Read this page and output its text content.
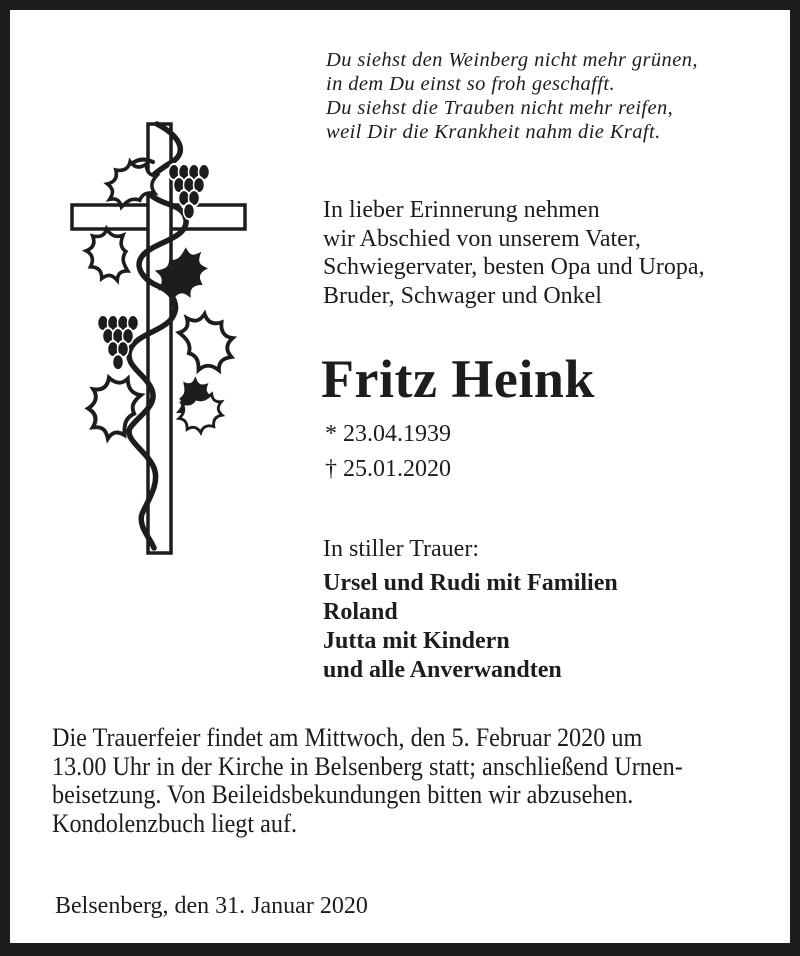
Du siehst den Weinberg nicht mehr grünen,
in dem Du einst so froh geschafft.
Du siehst die Trauben nicht mehr reifen,
weil Dir die Krankheit nahm die Kraft.
In lieber Erinnerung nehmen
wir Abschied von unserem Vater,
Schwiegervater, besten Opa und Uropa,
Bruder, Schwager und Onkel
Fritz Heink
* 23.04.1939
† 25.01.2020
In stiller Trauer:
Ursel und Rudi mit Familien
Roland
Jutta mit Kindern
und alle Anverwandten
Die Trauerfeier findet am Mittwoch, den 5. Februar 2020 um
13.00 Uhr in der Kirche in Belsenberg statt; anschließend Urnen-
beisetzung. Von Beileidsbekundungen bitten wir abzusehen.
Kondolenzbuch liegt auf.
Belsenberg, den 31. Januar 2020
